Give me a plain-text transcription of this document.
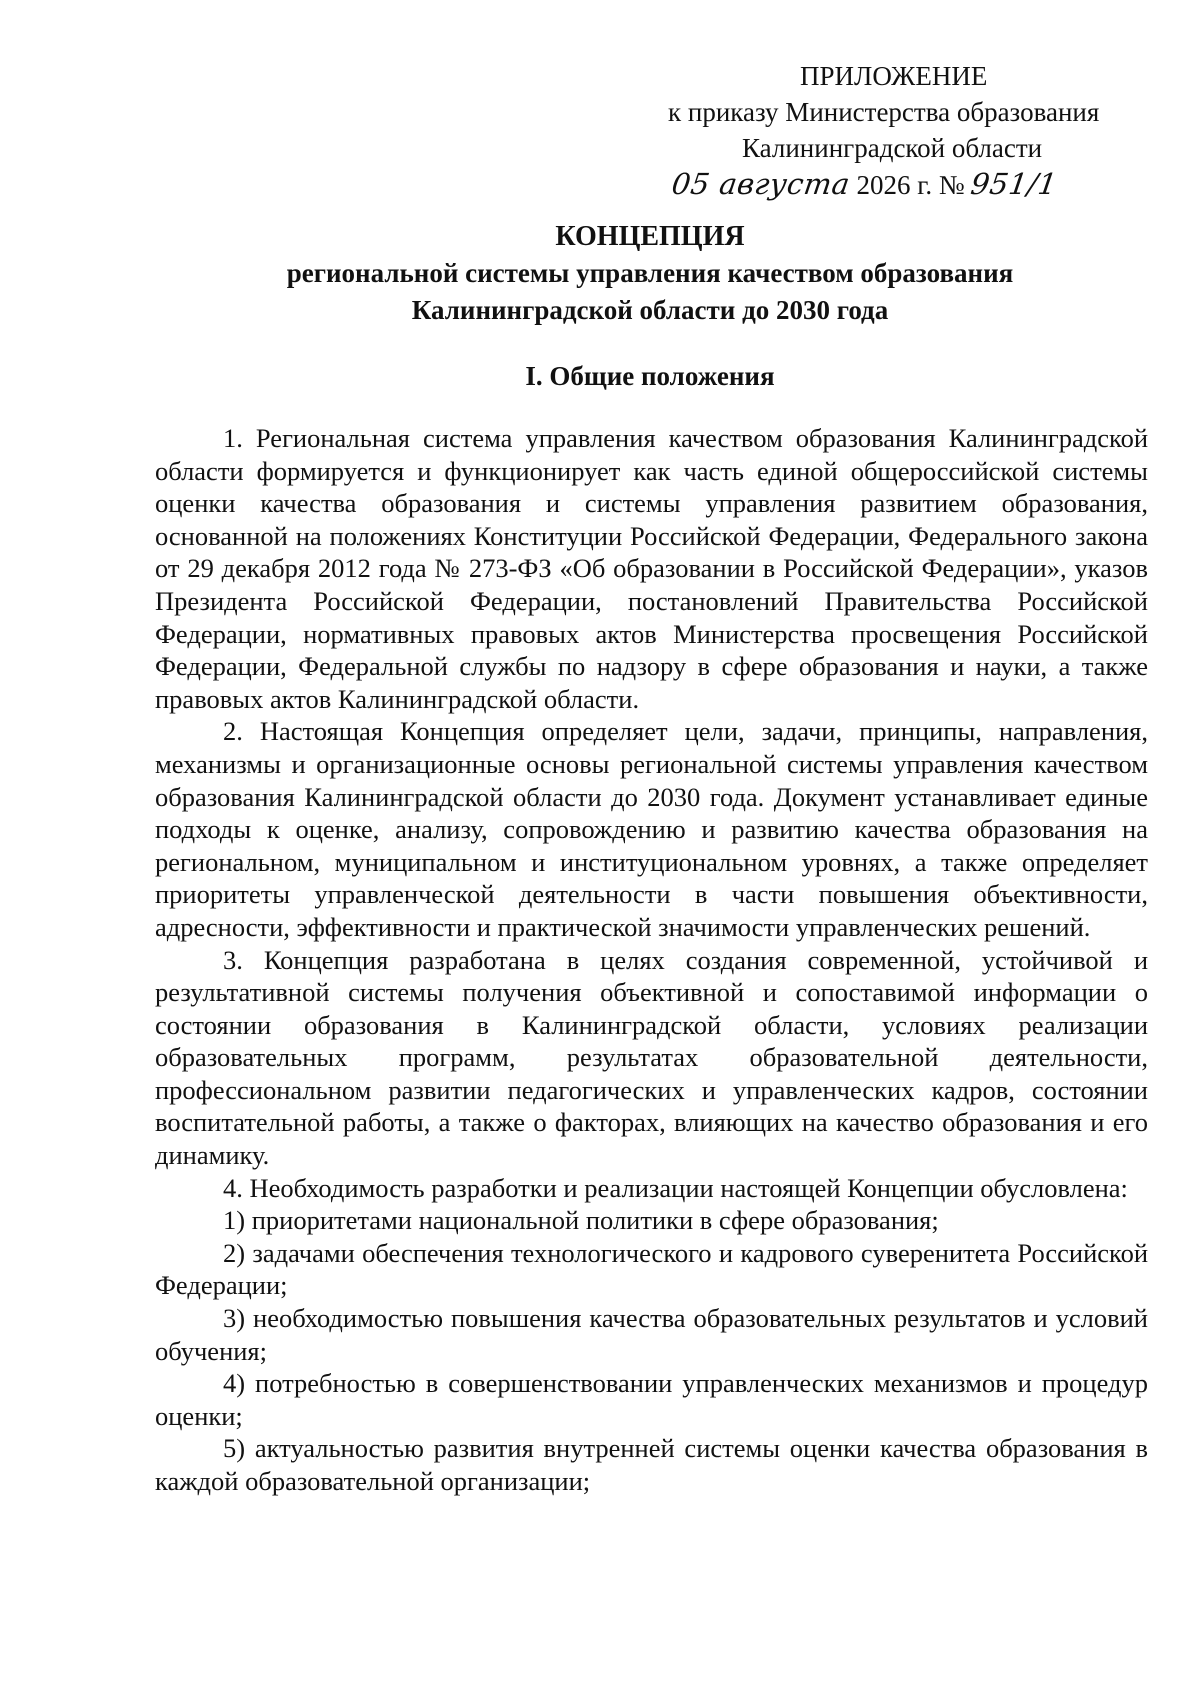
ПРИЛОЖЕНИЕ
к приказу Министерства образования
Калининградской области
05 августа 2026 г. № 951/1
КОНЦЕПЦИЯ
региональной системы управления качеством образования
Калининградской области до 2030 года
I. Общие положения

1. Региональная система управления качеством образования Калининградской области формируется и функционирует как часть единой общероссийской системы оценки качества образования и системы управления развитием образования, основанной на положениях Конституции Российской Федерации, Федерального закона от 29 декабря 2012 года № 273-ФЗ «Об образовании в Российской Федерации», указов Президента Российской Федерации, постановлений Правительства Российской Федерации, нормативных правовых актов Министерства просвещения Российской Федерации, Федеральной службы по надзору в сфере образования и науки, а также правовых актов Калининградской области.

2. Настоящая Концепция определяет цели, задачи, принципы, направления, механизмы и организационные основы региональной системы управления качеством образования Калининградской области до 2030 года. Документ устанавливает единые подходы к оценке, анализу, сопровождению и развитию качества образования на региональном, муниципальном и институциональном уровнях, а также определяет приоритеты управленческой деятельности в части повышения объективности, адресности, эффективности и практической значимости управленческих решений.

3. Концепция разработана в целях создания современной, устойчивой и результативной системы получения объективной и сопоставимой информации о состоянии образования в Калининградской области, условиях реализации образовательных программ, результатах образовательной деятельности, профессиональном развитии педагогических и управленческих кадров, состоянии воспитательной работы, а также о факторах, влияющих на качество образования и его динамику.

4. Необходимость разработки и реализации настоящей Концепции обусловлена:

1) приоритетами национальной политики в сфере образования;

2) задачами обеспечения технологического и кадрового суверенитета Российской Федерации;

3) необходимостью повышения качества образовательных результатов и условий обучения;

4) потребностью в совершенствовании управленческих механизмов и процедур оценки;

5) актуальностью развития внутренней системы оценки качества образования в каждой образовательной организации;
